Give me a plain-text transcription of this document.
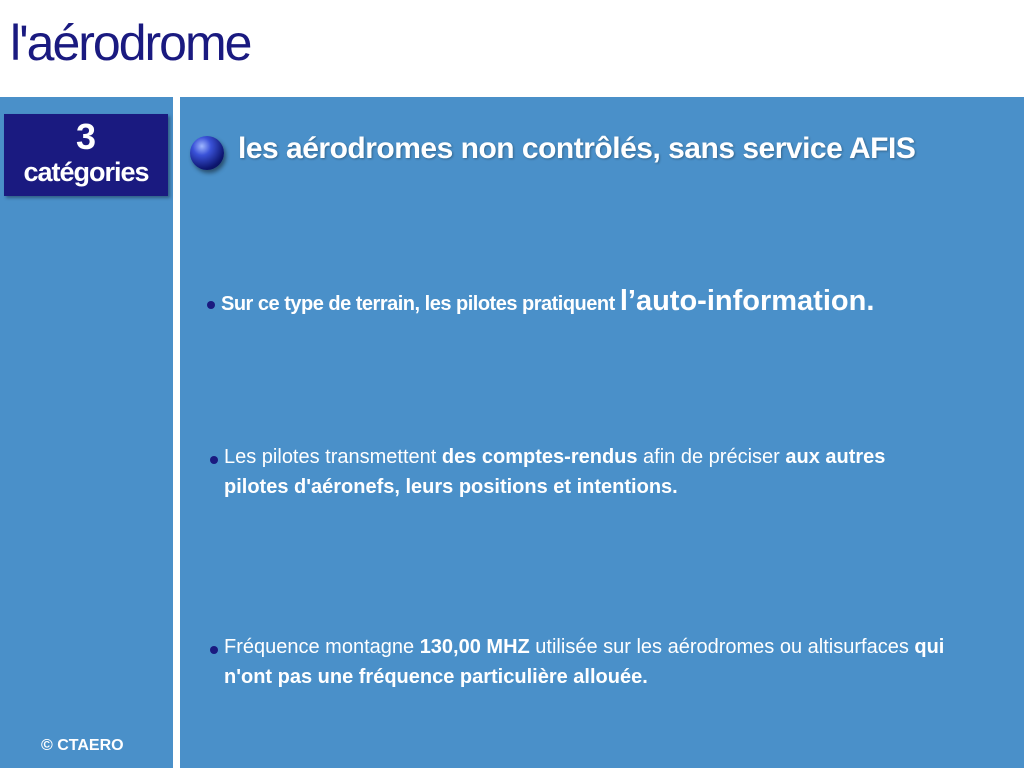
l'aérodrome
3
catégories
© CTAERO
les aérodromes non contrôlés, sans service AFIS
Sur ce type de terrain, les pilotes pratiquent l’auto-information.
Les pilotes transmettent des comptes-rendus afin de préciser aux autres pilotes d'aéronefs, leurs positions et intentions.
Fréquence montagne 130,00 MHZ utilisée sur les aérodromes ou altisurfaces qui n'ont pas une fréquence particulière allouée.
